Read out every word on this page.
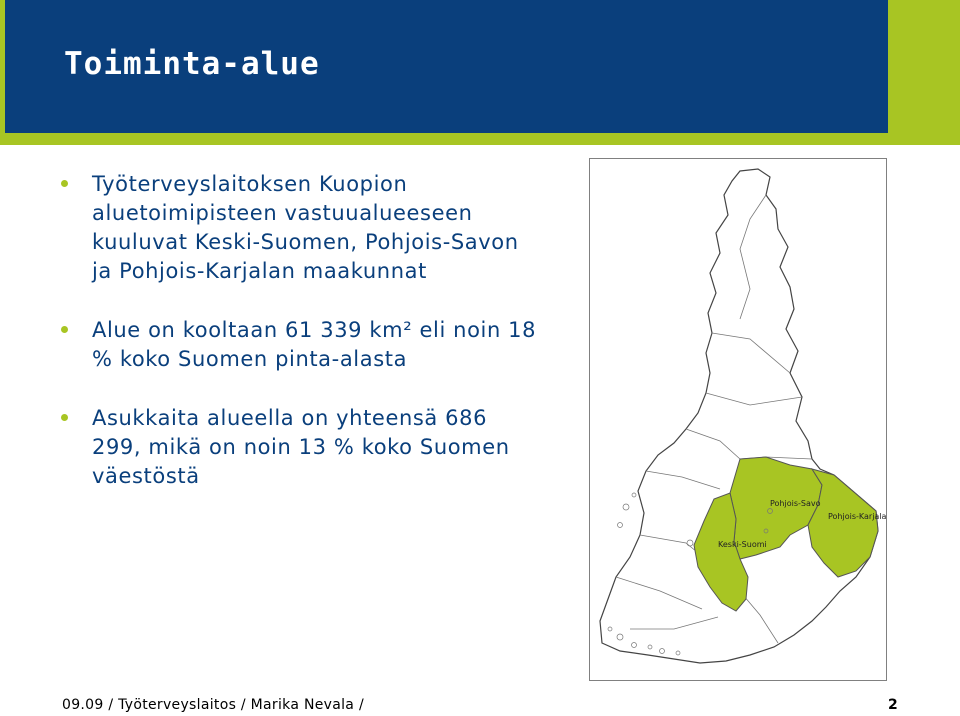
Toiminta-alue
Työterveyslaitoksen Kuopion aluetoimipisteen vastuualueeseen kuuluvat Keski-Suomen, Pohjois-Savon ja Pohjois-Karjalan maakunnat
Alue on kooltaan 61 339 km² eli noin 18 % koko Suomen pinta-alasta
Asukkaita alueella on yhteensä 686 299, mikä on noin 13 % koko Suomen väestöstä
Pohjois-Savo
Pohjois-Karjala
Keski-Suomi
09.09 / Työterveyslaitos / Marika Nevala /	2
